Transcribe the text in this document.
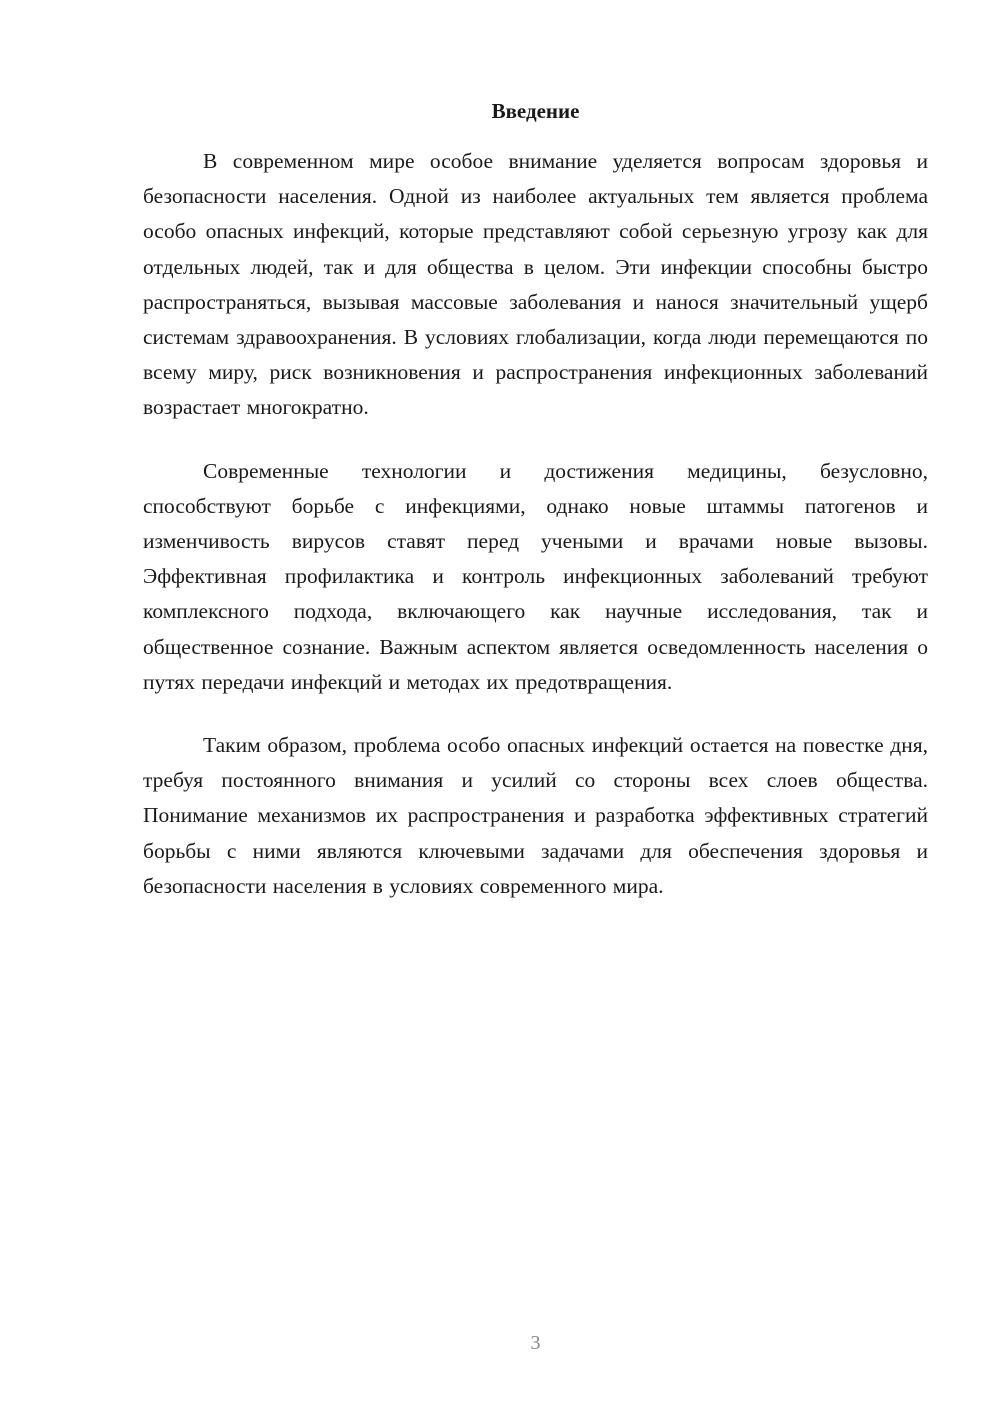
Введение

В современном мире особое внимание уделяется вопросам здоровья и безопасности населения. Одной из наиболее актуальных тем является проблема особо опасных инфекций, которые представляют собой серьезную угрозу как для отдельных людей, так и для общества в целом. Эти инфекции способны быстро распространяться, вызывая массовые заболевания и нанося значительный ущерб системам здравоохранения. В условиях глобализации, когда люди перемещаются по всему миру, риск возникновения и распространения инфекционных заболеваний возрастает многократно.

Современные технологии и достижения медицины, безусловно, способствуют борьбе с инфекциями, однако новые штаммы патогенов и изменчивость вирусов ставят перед учеными и врачами новые вызовы. Эффективная профилактика и контроль инфекционных заболеваний требуют комплексного подхода, включающего как научные исследования, так и общественное сознание. Важным аспектом является осведомленность населения о путях передачи инфекций и методах их предотвращения.

Таким образом, проблема особо опасных инфекций остается на повестке дня, требуя постоянного внимания и усилий со стороны всех слоев общества. Понимание механизмов их распространения и разработка эффективных стратегий борьбы с ними являются ключевыми задачами для обеспечения здоровья и безопасности населения в условиях современного мира.

3
